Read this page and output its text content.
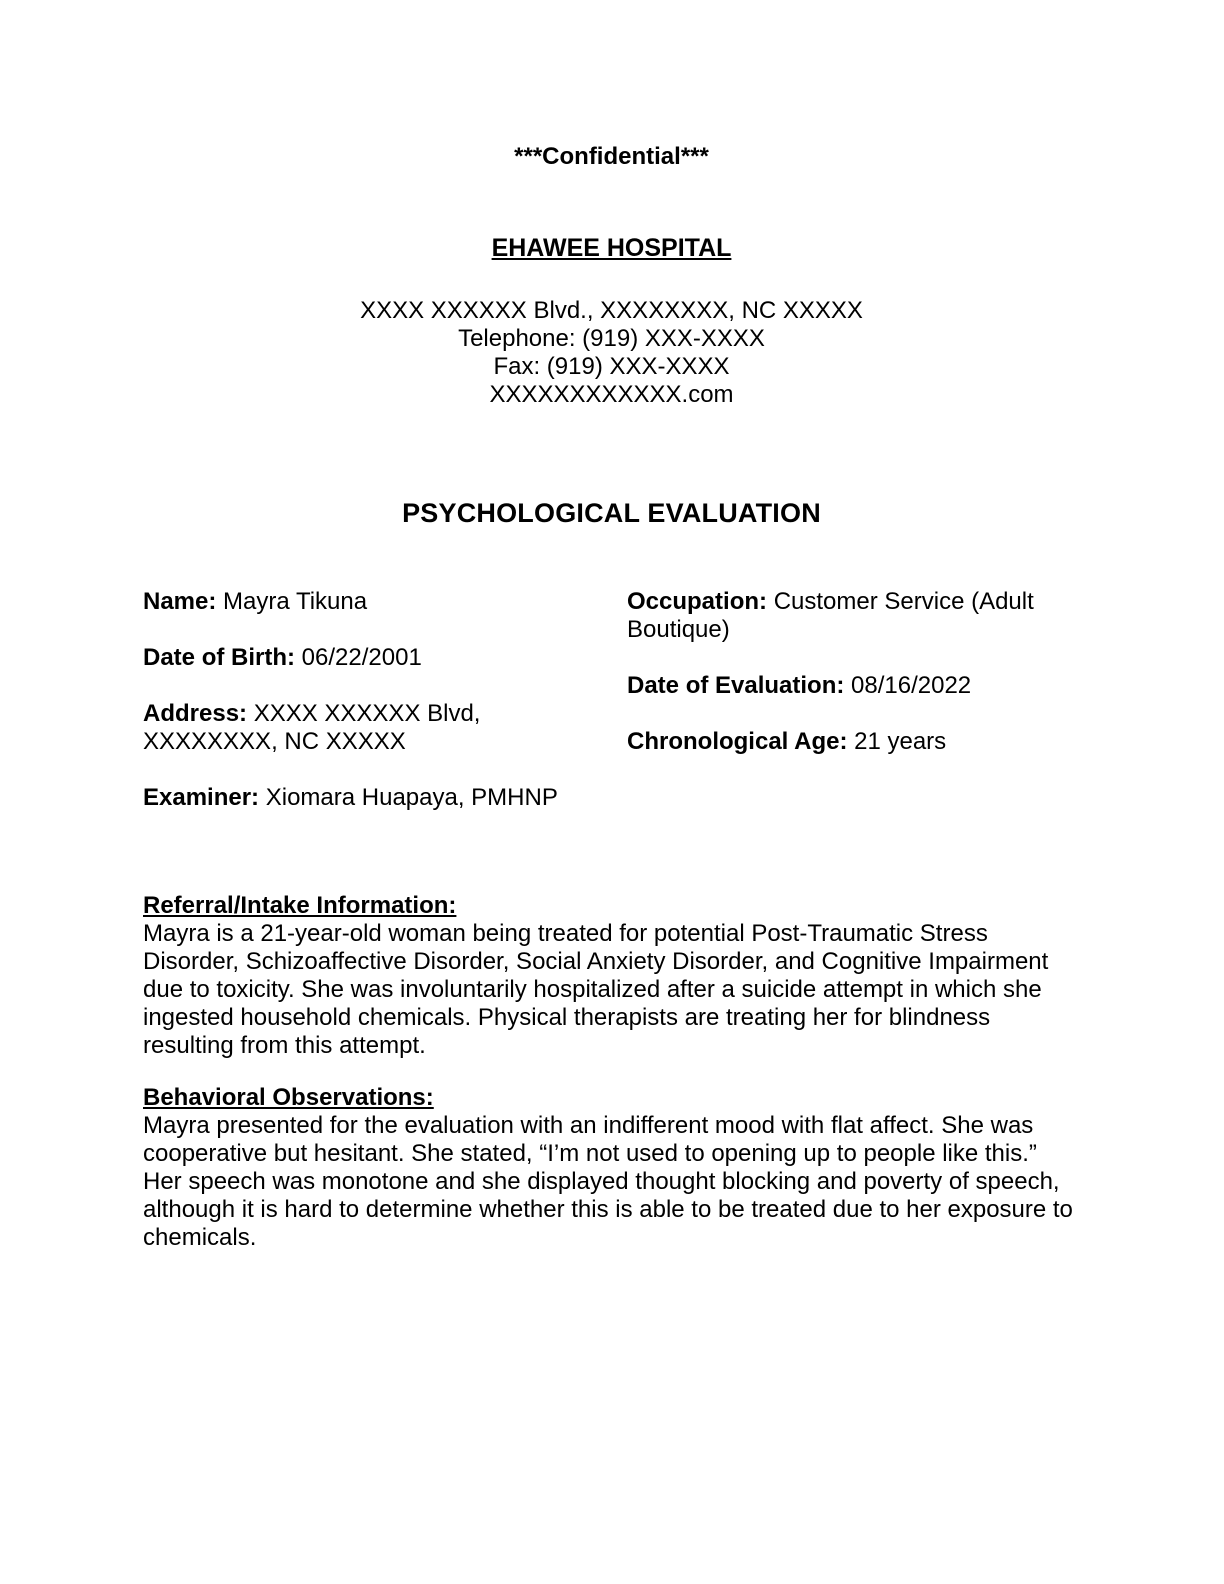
***Confidential***

EHAWEE HOSPITAL

XXXX XXXXXX Blvd., XXXXXXXX, NC XXXXX

Telephone: (919) XXX-XXXX

Fax: (919) XXX-XXXX

XXXXXXXXXXXX.com

PSYCHOLOGICAL EVALUATION

Name: Mayra Tikuna

Date of Birth: 06/22/2001

Address: XXXX XXXXXX Blvd, XXXXXXXX, NC XXXXX

Examiner: Xiomara Huapaya, PMHNP

Occupation: Customer Service (Adult Boutique)

Date of Evaluation: 08/16/2022

Chronological Age: 21 years

Referral/Intake Information:

Mayra is a 21-year-old woman being treated for potential Post-Traumatic Stress Disorder, Schizoaffective Disorder, Social Anxiety Disorder, and Cognitive Impairment due to toxicity. She was involuntarily hospitalized after a suicide attempt in which she ingested household chemicals. Physical therapists are treating her for blindness resulting from this attempt.

Behavioral Observations:

Mayra presented for the evaluation with an indifferent mood with flat affect. She was cooperative but hesitant. She stated, “I’m not used to opening up to people like this.” Her speech was monotone and she displayed thought blocking and poverty of speech, although it is hard to determine whether this is able to be treated due to her exposure to chemicals.
